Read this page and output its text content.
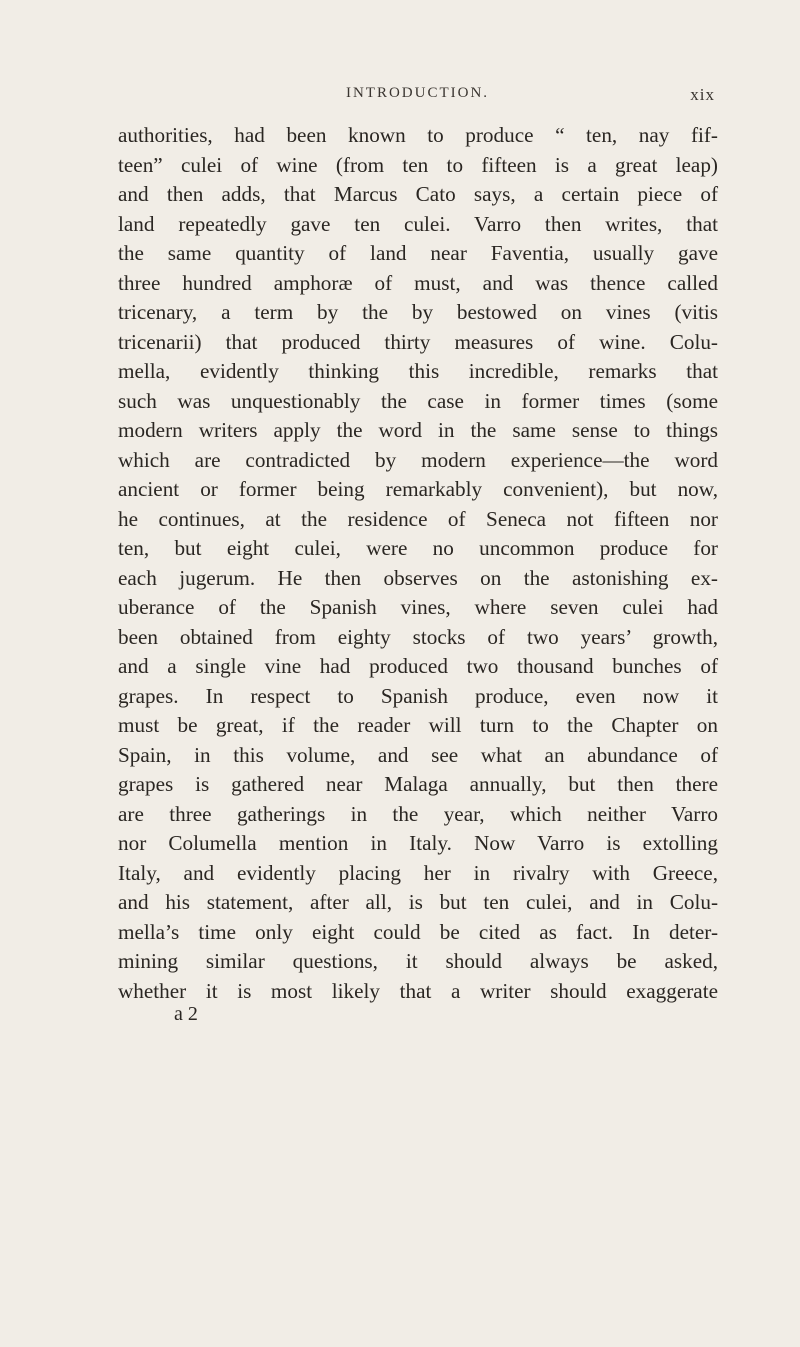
INTRODUCTION.	xix
authorities, had been known to produce “ ten, nay fif-
teen” culei of wine (from ten to fifteen is a great leap)
and then adds, that Marcus Cato says, a certain piece of
land repeatedly gave ten culei. Varro then writes, that
the same quantity of land near Faventia, usually gave
three hundred amphoræ of must, and was thence called
tricenary, a term by the by bestowed on vines (vitis
tricenarii) that produced thirty measures of wine. Colu-
mella, evidently thinking this incredible, remarks that
such was unquestionably the case in former times (some
modern writers apply the word in the same sense to things
which are contradicted by modern experience—the word
ancient or former being remarkably convenient), but now,
he continues, at the residence of Seneca not fifteen nor
ten, but eight culei, were no uncommon produce for
each jugerum. He then observes on the astonishing ex-
uberance of the Spanish vines, where seven culei had
been obtained from eighty stocks of two years’ growth,
and a single vine had produced two thousand bunches of
grapes. In respect to Spanish produce, even now it
must be great, if the reader will turn to the Chapter on
Spain, in this volume, and see what an abundance of
grapes is gathered near Malaga annually, but then there
are three gatherings in the year, which neither Varro
nor Columella mention in Italy. Now Varro is extolling
Italy, and evidently placing her in rivalry with Greece,
and his statement, after all, is but ten culei, and in Colu-
mella’s time only eight could be cited as fact. In deter-
mining similar questions, it should always be asked,
whether it is most likely that a writer should exaggerate
a 2
